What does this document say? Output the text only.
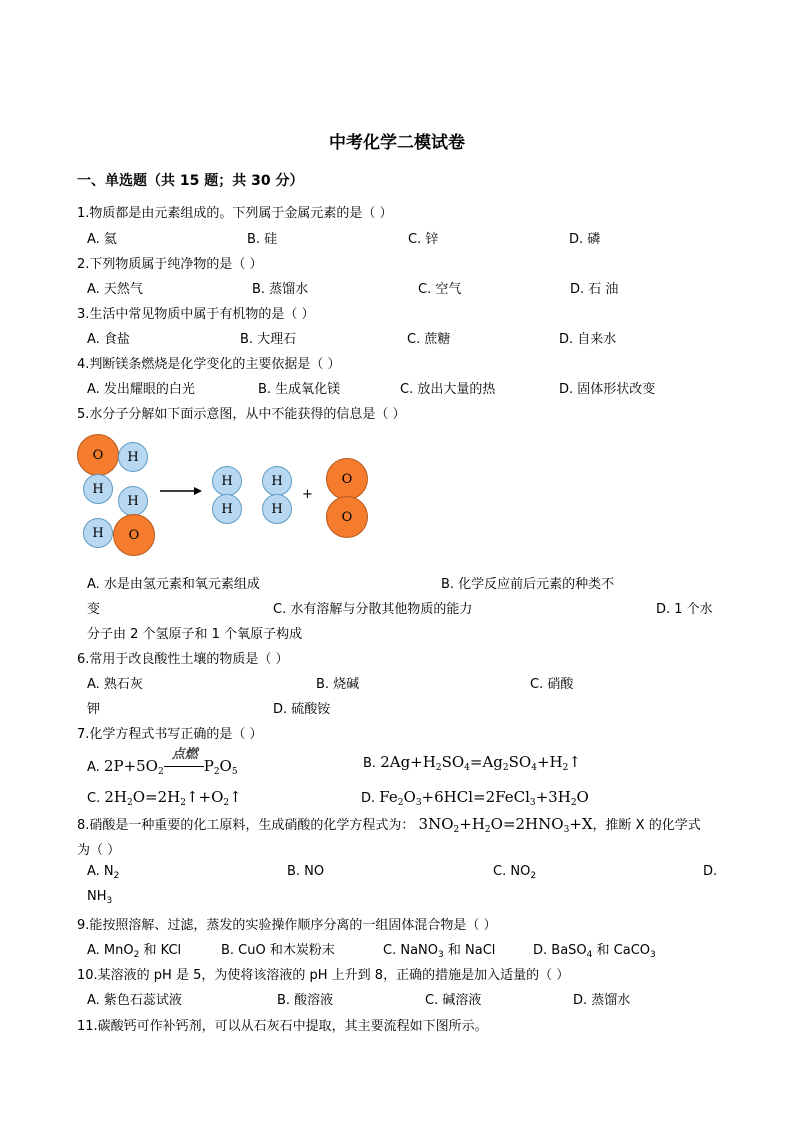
中考化学二模试卷
一、单选题（共 15 题；共 30 分）
1.物质都是由元素组成的。下列属于金属元素的是（ ）
A. 氦	B. 硅	C. 锌	D. 磷
2.下列物质属于纯净物的是（ ）
A. 天然气	B. 蒸馏水	C. 空气	D. 石 油
3.生活中常见物质中属于有机物的是（ ）
A. 食盐	B. 大理石	C. 蔗糖	D. 自来水
4.判断镁条燃烧是化学变化的主要依据是（ ）
A. 发出耀眼的白光	B. 生成氧化镁	C. 放出大量的热	D. 固体形状改变
5.水分子分解如下面示意图，从中不能获得的信息是（ ）
O	H
H
H
H	O
H
H
H
H
+
O
O
A. 水是由氢元素和氧元素组成	B. 化学反应前后元素的种类不
变	C. 水有溶解与分散其他物质的能力	D. 1 个水
分子由 2 个氢原子和 1 个氧原子构成
6.常用于改良酸性土壤的物质是（ ）
A. 熟石灰	B. 烧碱	C. 硝酸
钾	D. 硫酸铵
7.化学方程式书写正确的是（ ）
A. $2P+5O_2$
点燃
$P_2O_5$
B. $2Ag+H_2SO_4=Ag_2SO_4+H_2↑$
C. $2H_2O=2H_2↑+O_2↑$	D. $Fe_2O_3+6HCl=2FeCl_3+3H_2O$
8.硝酸是一种重要的化工原料，生成硝酸的化学方程式为： $3NO_2+H_2O=2HNO_3+X$，推断 X 的化学式
为（ ）
A. $N_2$	B. NO	C. $NO_2$	D.
$NH_3$
9.能按照溶解、过滤，蒸发的实验操作顺序分离的一组固体混合物是（ ）
A. MnO$_2$ 和 KCl	B. CuO 和木炭粉末	C. NaNO$_3$ 和 NaCl	D. BaSO$_4$ 和 CaCO$_3$
10.某溶液的 pH 是 5，为使将该溶液的 pH 上升到 8，正确的措施是加入适量的（ ）
A. 紫色石蕊试液	B. 酸溶液	C. 碱溶液	D. 蒸馏水
11.碳酸钙可作补钙剂，可以从石灰石中提取，其主要流程如下图所示。
